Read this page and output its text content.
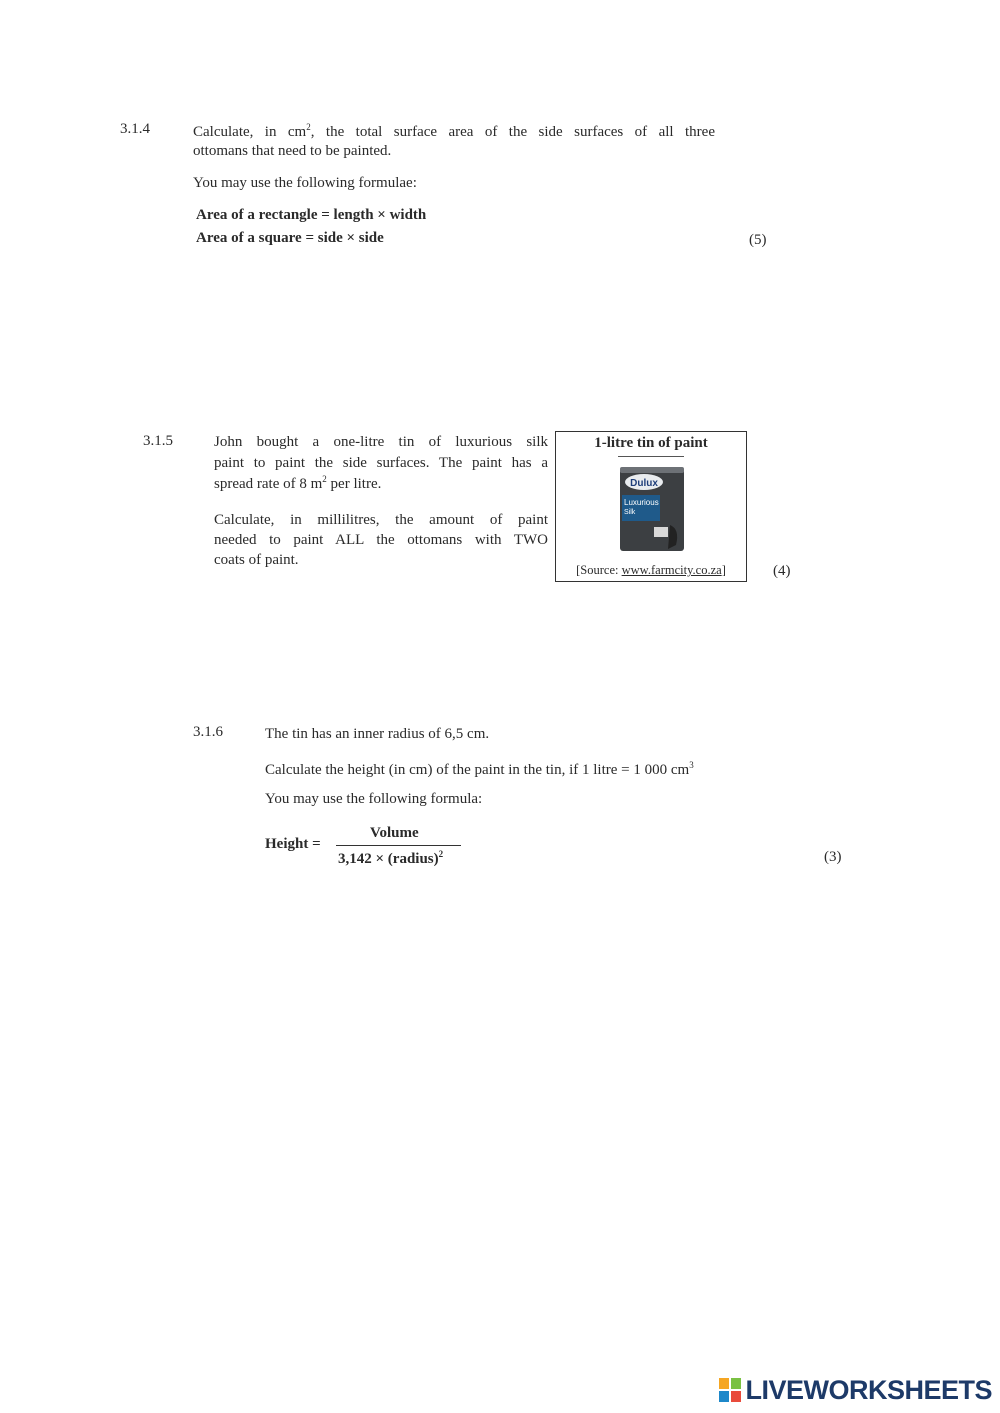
3.1.4	Calculate, in $cm^2$, the total surface area of the side surfaces of all three
ottomans that need to be painted.
You may use the following formulae:
Area of a rectangle = length × width
Area of a square = side × side	(5)
3.1.5	John bought a one-litre tin of luxurious silk
paint to paint the side surfaces. The paint has a
spread rate of 8 $m^2$ per litre.
Calculate, in millilitres, the amount of paint
needed to paint ALL the ottomans with TWO
coats of paint.
1-litre tin of paint
Dulux
Luxurious
Silk
[Source: www.farmcity.co.za]	(4)
3.1.6	The tin has an inner radius of 6,5 cm.
Calculate the height (in cm) of the paint in the tin, if 1 litre = 1 000 $cm^3$
You may use the following formula:
Height =
Volume
3,142 × (radius)$^2$	(3)
LIVEWORKSHEETS
